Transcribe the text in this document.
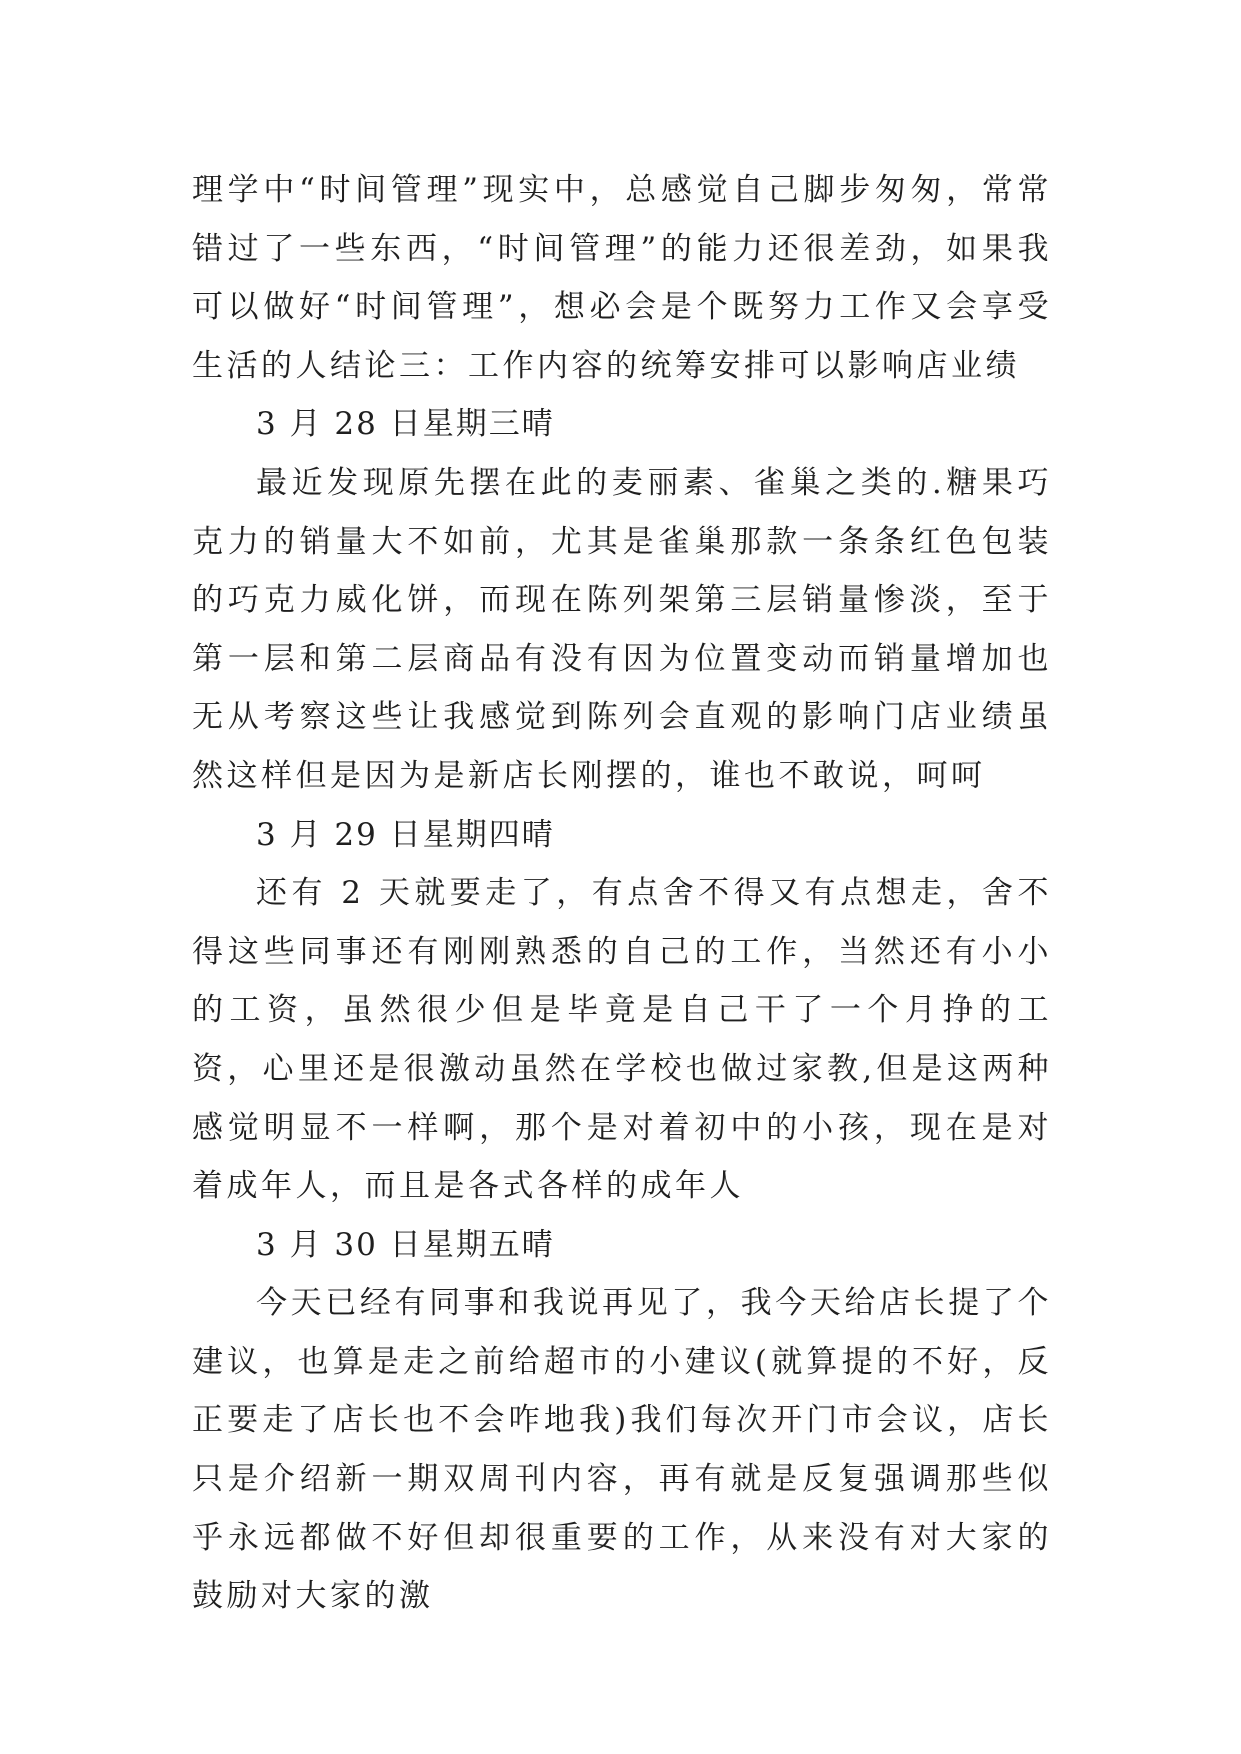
理学中“时间管理”现实中，总感觉自己脚步匆匆，常常错过了一些东西，“时间管理”的能力还很差劲，如果我可以做好“时间管理”，想必会是个既努力工作又会享受生活的人结论三：工作内容的统筹安排可以影响店业绩

3 月 28 日星期三晴

最近发现原先摆在此的麦丽素、雀巢之类的.糖果巧克力的销量大不如前，尤其是雀巢那款一条条红色包装的巧克力威化饼，而现在陈列架第三层销量惨淡，至于第一层和第二层商品有没有因为位置变动而销量增加也无从考察这些让我感觉到陈列会直观的影响门店业绩虽然这样但是因为是新店长刚摆的，谁也不敢说，呵呵

3 月 29 日星期四晴

还有 2 天就要走了，有点舍不得又有点想走，舍不得这些同事还有刚刚熟悉的自己的工作，当然还有小小的工资，虽然很少但是毕竟是自己干了一个月挣的工资，心里还是很激动虽然在学校也做过家教,但是这两种感觉明显不一样啊，那个是对着初中的小孩，现在是对着成年人，而且是各式各样的成年人

3 月 30 日星期五晴

今天已经有同事和我说再见了，我今天给店长提了个建议，也算是走之前给超市的小建议(就算提的不好，反正要走了店长也不会咋地我)我们每次开门市会议，店长只是介绍新一期双周刊内容，再有就是反复强调那些似乎永远都做不好但却很重要的工作，从来没有对大家的鼓励对大家的激
